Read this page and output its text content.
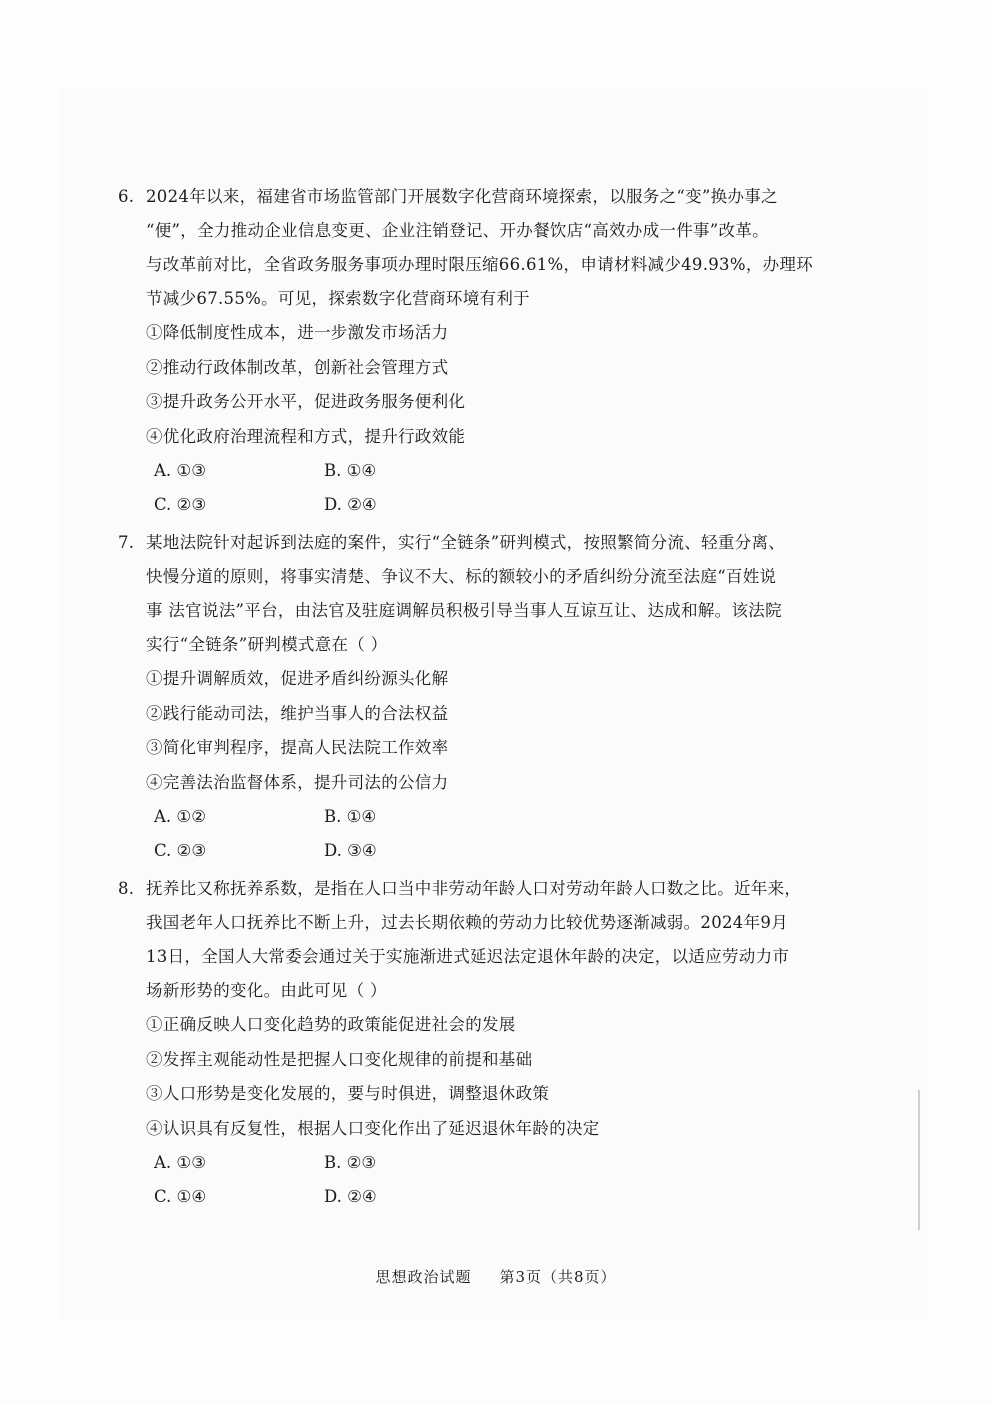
6. 2024年以来，福建省市场监管部门开展数字化营商环境探索，以服务之“变”换办事之
“便”，全力推动企业信息变更、企业注销登记、开办餐饮店“高效办成一件事”改革。
与改革前对比，全省政务服务事项办理时限压缩66.61%，申请材料减少49.93%，办理环
节减少67.55%。可见，探索数字化营商环境有利于
①降低制度性成本，进一步激发市场活力
②推动行政体制改革，创新社会管理方式
③提升政务公开水平，促进政务服务便利化
④优化政府治理流程和方式，提升行政效能
A. ①③	B. ①④
C. ②③	D. ②④
7. 某地法院针对起诉到法庭的案件，实行“全链条”研判模式，按照繁简分流、轻重分离、
快慢分道的原则，将事实清楚、争议不大、标的额较小的矛盾纠纷分流至法庭“百姓说
事 法官说法”平台，由法官及驻庭调解员积极引导当事人互谅互让、达成和解。该法院
实行“全链条”研判模式意在（ ）
①提升调解质效，促进矛盾纠纷源头化解
②践行能动司法，维护当事人的合法权益
③简化审判程序，提高人民法院工作效率
④完善法治监督体系，提升司法的公信力
A. ①②	B. ①④
C. ②③	D. ③④
8. 抚养比又称抚养系数，是指在人口当中非劳动年龄人口对劳动年龄人口数之比。近年来，
我国老年人口抚养比不断上升，过去长期依赖的劳动力比较优势逐渐减弱。2024年9月
13日，全国人大常委会通过关于实施渐进式延迟法定退休年龄的决定，以适应劳动力市
场新形势的变化。由此可见（ ）
①正确反映人口变化趋势的政策能促进社会的发展
②发挥主观能动性是把握人口变化规律的前提和基础
③人口形势是变化发展的，要与时俱进，调整退休政策
④认识具有反复性，根据人口变化作出了延迟退休年龄的决定
A. ①③	B. ②③
C. ①④	D. ②④
思想政治试题 第3页（共8页）
